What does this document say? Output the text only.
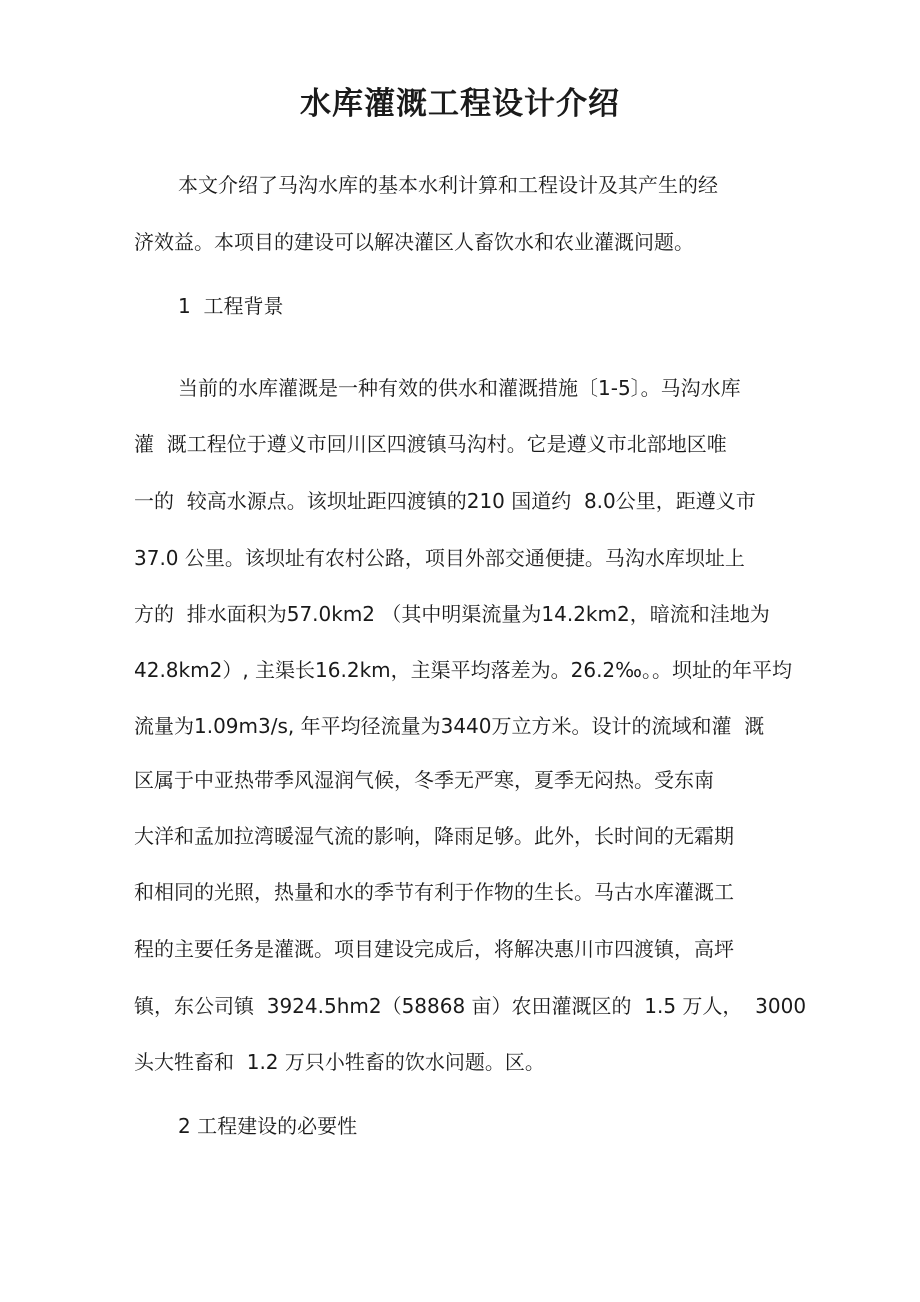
水库灌溉工程设计介绍
本文介绍了马沟水库的基本水利计算和工程设计及其产生的经
济效益。本项目的建设可以解决灌区人畜饮水和农业灌溉问题。
1  工程背景
当前的水库灌溉是一种有效的供水和灌溉措施〔1-5〕。马沟水库
灌  溉工程位于遵义市回川区四渡镇马沟村。它是遵义市北部地区唯
一的  较高水源点。该坝址距四渡镇的210 国道约  8.0公里，距遵义市
37.0 公里。该坝址有农村公路，项目外部交通便捷。马沟水库坝址上
方的  排水面积为57.0km2 （其中明渠流量为14.2km2，暗流和洼地为
42.8km2）, 主渠长16.2km，主渠平均落差为。26.2‰。。坝址的年平均
流量为1.09m3/s, 年平均径流量为3440万立方米。设计的流域和灌  溉
区属于中亚热带季风湿润气候，冬季无严寒，夏季无闷热。受东南
大洋和孟加拉湾暖湿气流的影响，降雨足够。此外，长时间的无霜期
和相同的光照，热量和水的季节有利于作物的生长。马古水库灌溉工
程的主要任务是灌溉。项目建设完成后，将解决惠川市四渡镇，高坪
镇，东公司镇  3924.5hm2（58868 亩）农田灌溉区的  1.5 万人，  3000
头大牲畜和  1.2 万只小牲畜的饮水问题。区。
2 工程建设的必要性
